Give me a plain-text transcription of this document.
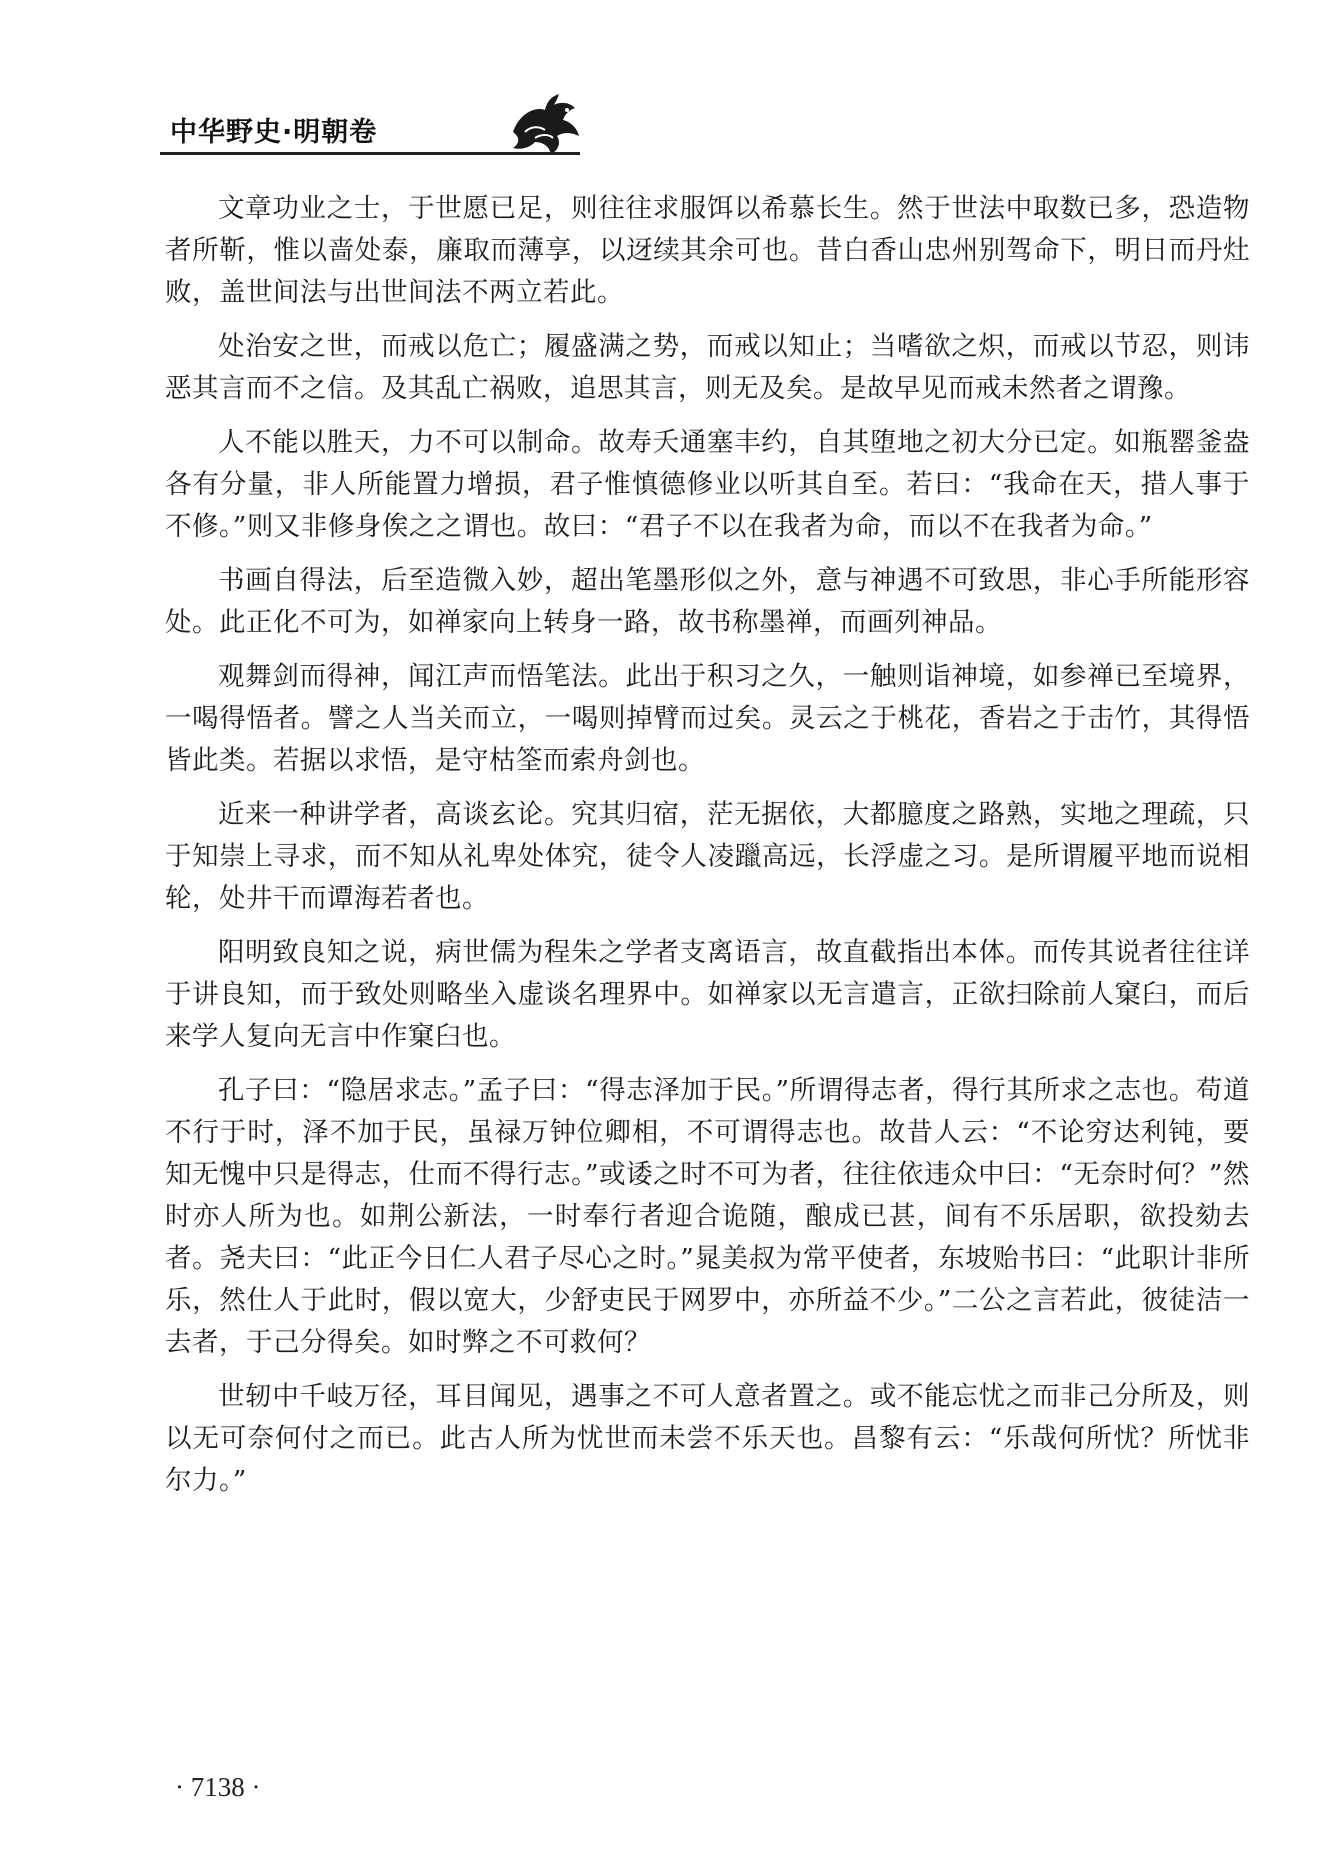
中华野史·明朝卷

文章功业之士，于世愿已足，则往往求服饵以希慕长生。然于世法中取数已多，恐造物者所靳，惟以啬处泰，廉取而薄享，以迓续其余可也。昔白香山忠州别驾命下，明日而丹灶败，盖世间法与出世间法不两立若此。

处治安之世，而戒以危亡；履盛满之势，而戒以知止；当嗜欲之炽，而戒以节忍，则讳恶其言而不之信。及其乱亡祸败，追思其言，则无及矣。是故早见而戒未然者之谓豫。

人不能以胜天，力不可以制命。故寿夭通塞丰约，自其堕地之初大分已定。如瓶罂釜盎各有分量，非人所能置力增损，君子惟慎德修业以听其自至。若曰：“我命在天，措人事于不修。”则又非修身俟之之谓也。故曰：“君子不以在我者为命，而以不在我者为命。”

书画自得法，后至造微入妙，超出笔墨形似之外，意与神遇不可致思，非心手所能形容处。此正化不可为，如禅家向上转身一路，故书称墨禅，而画列神品。

观舞剑而得神，闻江声而悟笔法。此出于积习之久，一触则诣神境，如参禅已至境界，一喝得悟者。譬之人当关而立，一喝则掉臂而过矣。灵云之于桃花，香岩之于击竹，其得悟皆此类。若据以求悟，是守枯筌而索舟剑也。

近来一种讲学者，高谈玄论。究其归宿，茫无据依，大都臆度之路熟，实地之理疏，只于知崇上寻求，而不知从礼卑处体究，徒令人凌躐高远，长浮虚之习。是所谓履平地而说相轮，处井干而谭海若者也。

阳明致良知之说，病世儒为程朱之学者支离语言，故直截指出本体。而传其说者往往详于讲良知，而于致处则略坐入虚谈名理界中。如禅家以无言遣言，正欲扫除前人窠臼，而后来学人复向无言中作窠臼也。

孔子曰：“隐居求志。”孟子曰：“得志泽加于民。”所谓得志者，得行其所求之志也。苟道不行于时，泽不加于民，虽禄万钟位卿相，不可谓得志也。故昔人云：“不论穷达利钝，要知无愧中只是得志，仕而不得行志。”或诿之时不可为者，往往依违众中曰：“无奈时何？”然时亦人所为也。如荆公新法，一时奉行者迎合诡随，酿成已甚，间有不乐居职，欲投劾去者。尧夫曰：“此正今日仁人君子尽心之时。”晁美叔为常平使者，东坡贻书曰：“此职计非所乐，然仕人于此时，假以宽大，少舒吏民于网罗中，亦所益不少。”二公之言若此，彼徒洁一去者，于己分得矣。如时弊之不可救何？

世轫中千岐万径，耳目闻见，遇事之不可人意者置之。或不能忘忧之而非己分所及，则以无可奈何付之而已。此古人所为忧世而未尝不乐天也。昌黎有云：“乐哉何所忧？所忧非尔力。”

· 7138 ·
